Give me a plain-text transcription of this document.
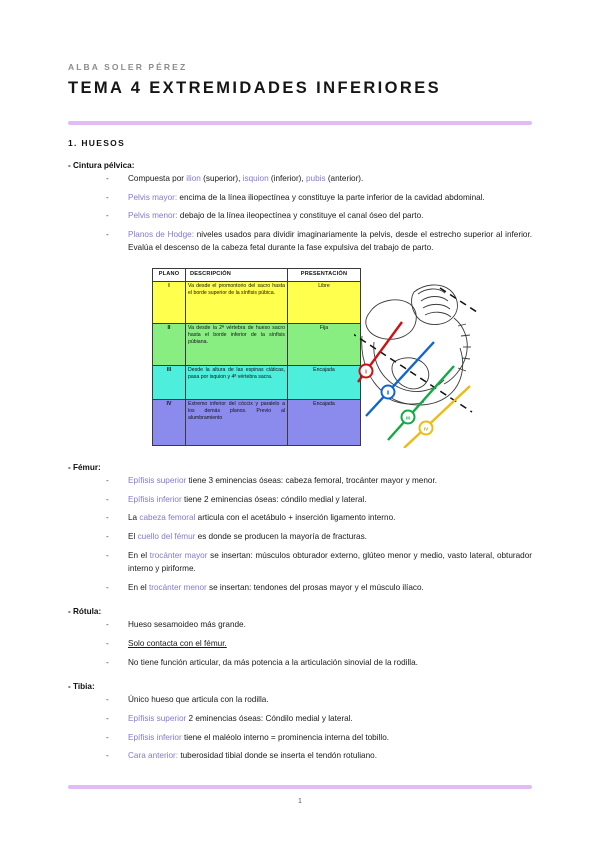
ALBA SOLER PÉREZ
TEMA 4 EXTREMIDADES INFERIORES
1. HUESOS
- Cintura pélvica:
- Compuesta por ilion (superior), isquion (inferior), pubis (anterior).
- Pelvis mayor: encima de la línea iliopectínea y constituye la parte inferior de la cavidad abdominal.
- Pelvis menor: debajo de la línea ileopectínea y constituye el canal óseo del parto.
- Planos de Hodge: niveles usados para dividir imaginariamente la pelvis, desde el estrecho superior al inferior. Evalúa el descenso de la cabeza fetal durante la fase expulsiva del trabajo de parto.
PLANO	DESCRIPCIÓN	PRESENTACIÓN
I	Va desde el promontorio del sacro hasta el borde superior de la sínfisis púbica.	Libre
II	Va desde la 2ª vértebra de hueso sacro hasta el borde inferior de la sínfisis púbiana.	Fija
III	Desde la altura de las espinas ciáticas, pasa por isquion y 4ª vértebra sacra.	Encajada
IV	Extremo inferior del cóccix y paralelo a los demás planos. Previo al alumbramiento	Encajada
I
II
III
IV
- Fémur:
- Epífisis superior tiene 3 eminencias óseas: cabeza femoral, trocánter mayor y menor.
- Epífisis inferior tiene 2 eminencias óseas: cóndilo medial y lateral.
- La cabeza femoral articula con el acetábulo + inserción ligamento interno.
- El cuello del fémur es donde se producen la mayoría de fracturas.
- En el trocánter mayor se insertan: músculos obturador externo, glúteo menor y medio, vasto lateral, obturador interno y piriforme.
- En el trocánter menor se insertan: tendones del prosas mayor y el músculo ilíaco.
- Rótula:
- Hueso sesamoideo más grande.
- Solo contacta con el fémur.
- No tiene función articular, da más potencia a la articulación sinovial de la rodilla.
- Tibia:
- Único hueso que articula con la rodilla.
- Epífisis superior 2 eminencias óseas: Cóndilo medial y lateral.
- Epífisis inferior tiene el maléolo interno = prominencia interna del tobillo.
- Cara anterior: tuberosidad tibial donde se inserta el tendón rotuliano.
1
